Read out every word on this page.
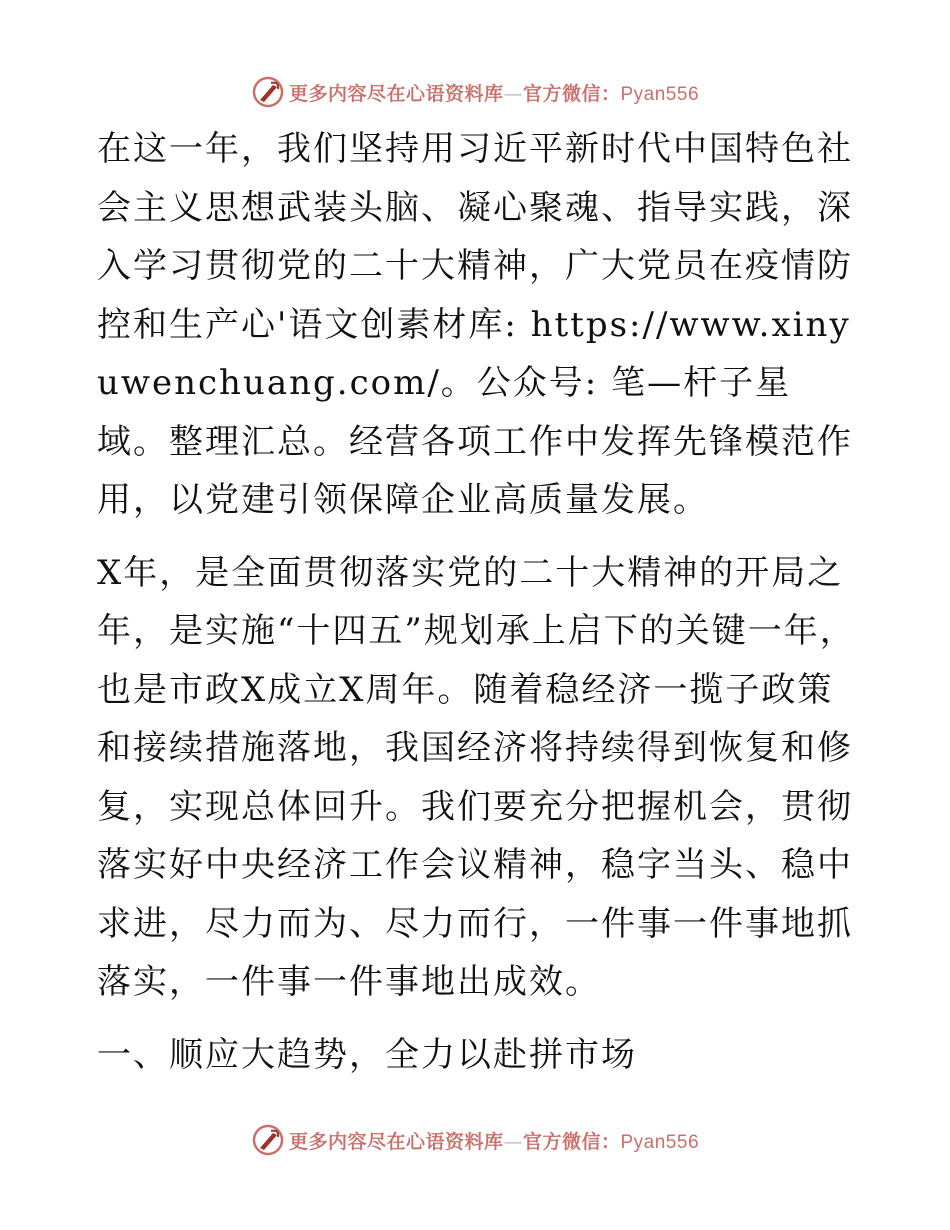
更多内容尽在心语资料库—官方微信：Pyan556

在这一年，我们坚持用习近平新时代中国特色社会主义思想武装头脑、凝心聚魂、指导实践，深入学习贯彻党的二十大精神，广大党员在疫情防控和生产心'语文创素材库: https://www.xinyuwenchuang.com/。公众号: 笔—杆子星域。整理汇总。经营各项工作中发挥先锋模范作用，以党建引领保障企业高质量发展。

X年，是全面贯彻落实党的二十大精神的开局之年，是实施“十四五”规划承上启下的关键一年，也是市政X成立X周年。随着稳经济一揽子政策和接续措施落地，我国经济将持续得到恢复和修复，实现总体回升。我们要充分把握机会，贯彻落实好中央经济工作会议精神，稳字当头、稳中求进，尽力而为、尽力而行，一件事一件事地抓落实，一件事一件事地出成效。

一、顺应大趋势，全力以赴拼市场

更多内容尽在心语资料库—官方微信：Pyan556
